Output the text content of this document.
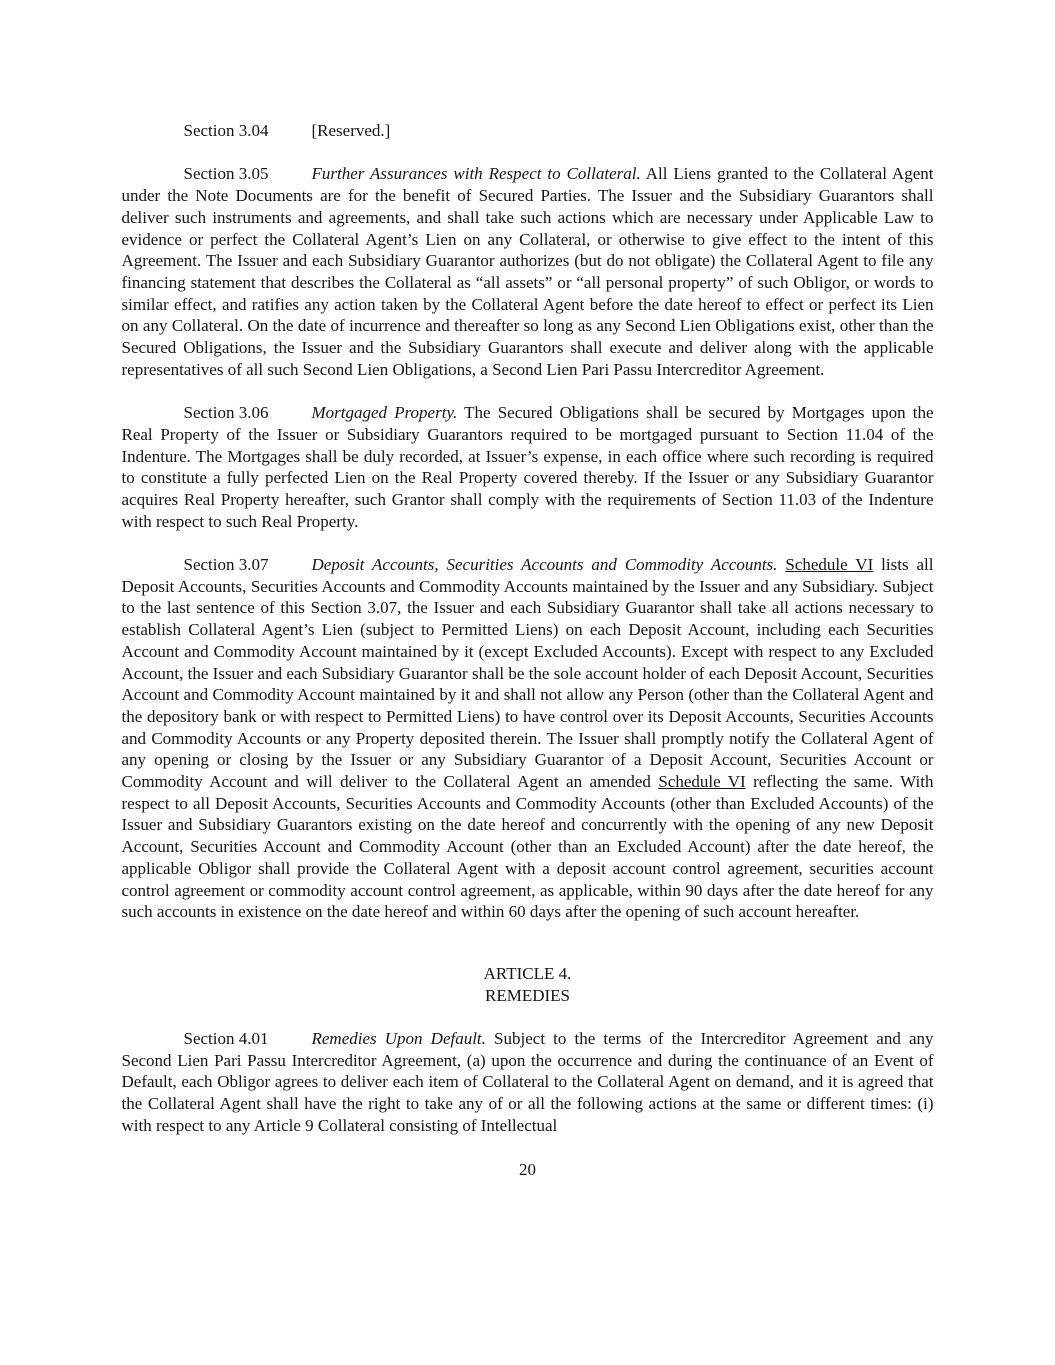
Section 3.04	[Reserved.]

Section 3.05	Further Assurances with Respect to Collateral. All Liens granted to the Collateral Agent under the Note Documents are for the benefit of Secured Parties. The Issuer and the Subsidiary Guarantors shall deliver such instruments and agreements, and shall take such actions which are necessary under Applicable Law to evidence or perfect the Collateral Agent’s Lien on any Collateral, or otherwise to give effect to the intent of this Agreement. The Issuer and each Subsidiary Guarantor authorizes (but do not obligate) the Collateral Agent to file any financing statement that describes the Collateral as “all assets” or “all personal property” of such Obligor, or words to similar effect, and ratifies any action taken by the Collateral Agent before the date hereof to effect or perfect its Lien on any Collateral. On the date of incurrence and thereafter so long as any Second Lien Obligations exist, other than the Secured Obligations, the Issuer and the Subsidiary Guarantors shall execute and deliver along with the applicable representatives of all such Second Lien Obligations, a Second Lien Pari Passu Intercreditor Agreement.

Section 3.06	Mortgaged Property. The Secured Obligations shall be secured by Mortgages upon the Real Property of the Issuer or Subsidiary Guarantors required to be mortgaged pursuant to Section 11.04 of the Indenture. The Mortgages shall be duly recorded, at Issuer’s expense, in each office where such recording is required to constitute a fully perfected Lien on the Real Property covered thereby. If the Issuer or any Subsidiary Guarantor acquires Real Property hereafter, such Grantor shall comply with the requirements of Section 11.03 of the Indenture with respect to such Real Property.

Section 3.07	Deposit Accounts, Securities Accounts and Commodity Accounts. Schedule VI lists all Deposit Accounts, Securities Accounts and Commodity Accounts maintained by the Issuer and any Subsidiary. Subject to the last sentence of this Section 3.07, the Issuer and each Subsidiary Guarantor shall take all actions necessary to establish Collateral Agent’s Lien (subject to Permitted Liens) on each Deposit Account, including each Securities Account and Commodity Account maintained by it (except Excluded Accounts). Except with respect to any Excluded Account, the Issuer and each Subsidiary Guarantor shall be the sole account holder of each Deposit Account, Securities Account and Commodity Account maintained by it and shall not allow any Person (other than the Collateral Agent and the depository bank or with respect to Permitted Liens) to have control over its Deposit Accounts, Securities Accounts and Commodity Accounts or any Property deposited therein. The Issuer shall promptly notify the Collateral Agent of any opening or closing by the Issuer or any Subsidiary Guarantor of a Deposit Account, Securities Account or Commodity Account and will deliver to the Collateral Agent an amended Schedule VI reflecting the same. With respect to all Deposit Accounts, Securities Accounts and Commodity Accounts (other than Excluded Accounts) of the Issuer and Subsidiary Guarantors existing on the date hereof and concurrently with the opening of any new Deposit Account, Securities Account and Commodity Account (other than an Excluded Account) after the date hereof, the applicable Obligor shall provide the Collateral Agent with a deposit account control agreement, securities account control agreement or commodity account control agreement, as applicable, within 90 days after the date hereof for any such accounts in existence on the date hereof and within 60 days after the opening of such account hereafter.

ARTICLE 4.
REMEDIES

Section 4.01	Remedies Upon Default. Subject to the terms of the Intercreditor Agreement and any Second Lien Pari Passu Intercreditor Agreement, (a) upon the occurrence and during the continuance of an Event of Default, each Obligor agrees to deliver each item of Collateral to the Collateral Agent on demand, and it is agreed that the Collateral Agent shall have the right to take any of or all the following actions at the same or different times: (i) with respect to any Article 9 Collateral consisting of Intellectual

20
